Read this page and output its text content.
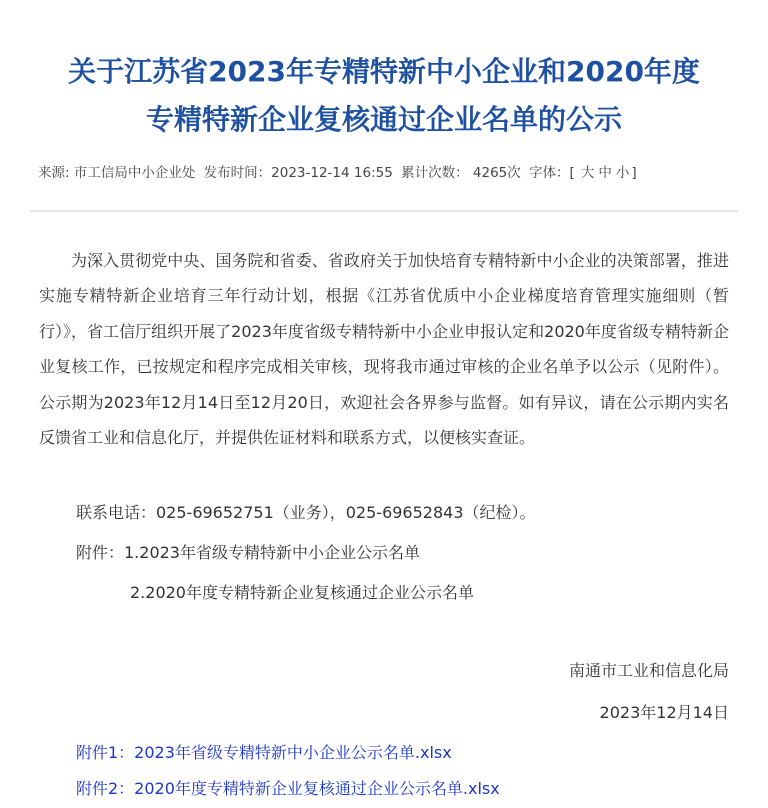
关于江苏省2023年专精特新中小企业和2020年度
专精特新企业复核通过企业名单的公示
来源: 市工信局中小企业处 发布时间：2023-12-14 16:55 累计次数： 4265次 字体：[ 大 中 小 ]

为深入贯彻党中央、国务院和省委、省政府关于加快培育专精特新中小企业的决策部署，推进实施专精特新企业培育三年行动计划，根据《江苏省优质中小企业梯度培育管理实施细则（暂行）》，省工信厅组织开展了2023年度省级专精特新中小企业申报认定和2020年度省级专精特新企业复核工作，已按规定和程序完成相关审核，现将我市通过审核的企业名单予以公示（见附件）。公示期为2023年12月14日至12月20日，欢迎社会各界参与监督。如有异议，请在公示期内实名反馈省工业和信息化厅，并提供佐证材料和联系方式，以便核实查证。

联系电话：025-69652751（业务），025-69652843（纪检）。
附件：1.2023年省级专精特新中小企业公示名单
2.2020年度专精特新企业复核通过企业公示名单
南通市工业和信息化局
2023年12月14日
附件1：2023年省级专精特新中小企业公示名单.xlsx
附件2：2020年度专精特新企业复核通过企业公示名单.xlsx
